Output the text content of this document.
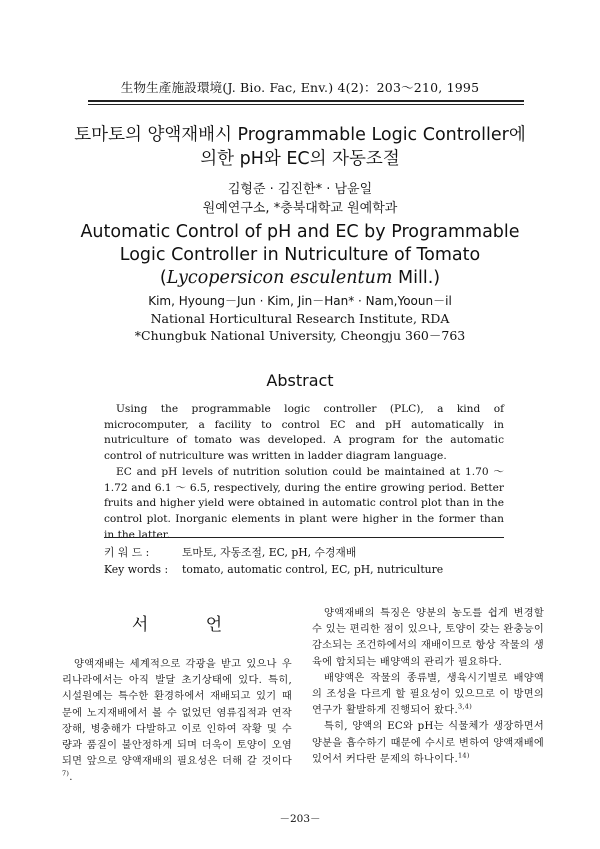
生物生產施設環境(J. Bio. Fac, Env.) 4(2)：203～210, 1995
토마토의 양액재배시 Programmable Logic Controller에
의한 pH와 EC의 자동조절
김형준 · 김진한* · 남윤일
원예연구소, *충북대학교 원예학과
Automatic Control of pH and EC by Programmable
Logic Controller in Nutriculture of Tomato
(Lycopersicon esculentum Mill.)
Kim, Hyoung－Jun · Kim, Jin－Han* · Nam,Yooun－il
National Horticultural Research Institute, RDA
*Chungbuk National University, Cheongju 360－763
Abstract

Using the programmable logic controller (PLC), a kind of microcomputer, a facility to control EC and pH automatically in nutriculture of tomato was developed. A program for the automatic control of nutriculture was written in ladder diagram language.

EC and pH levels of nutrition solution could be maintained at 1.70 ～ 1.72 and 6.1 ～ 6.5, respectively, during the entire growing period. Better fruits and higher yield were obtained in automatic control plot than in the control plot. Inorganic elements in plant were higher in the former than in the latter.

키 워 드 :	토마토, 자동조절, EC, pH, 수경재배
Key words : tomato, automatic control, EC, pH, nutriculture
서 언

양액재배는 세계적으로 각광을 받고 있으나 우리나라에서는 아직 발달 초기상태에 있다. 특히, 시설원예는 특수한 환경하에서 재배되고 있기 때문에 노지재배에서 볼 수 없었던 염류집적과 연작장해, 병충해가 다발하고 이로 인하여 작황 및 수량과 품질이 불안정하게 되며 더욱이 토양이 오염되면 앞으로 양액재배의 필요성은 더해 갈 것이다$^{7)}$.

양액재배의 특징은 양분의 농도를 쉽게 변경할 수 있는 편리한 점이 있으나, 토양이 갖는 완충능이 감소되는 조건하에서의 재배이므로 항상 작물의 생육에 합치되는 배양액의 관리가 필요하다.

배양액은 작물의 종류별, 생육시기별로 배양액의 조성을 다르게 할 필요성이 있으므로 이 방면의 연구가 활발하게 진행되어 왔다.$^{3,4)}$

특히, 양액의 EC와 pH는 식물체가 생장하면서 양분을 흡수하기 때문에 수시로 변하여 양액재배에 있어서 커다란 문제의 하나이다.$^{14)}$

－203－
